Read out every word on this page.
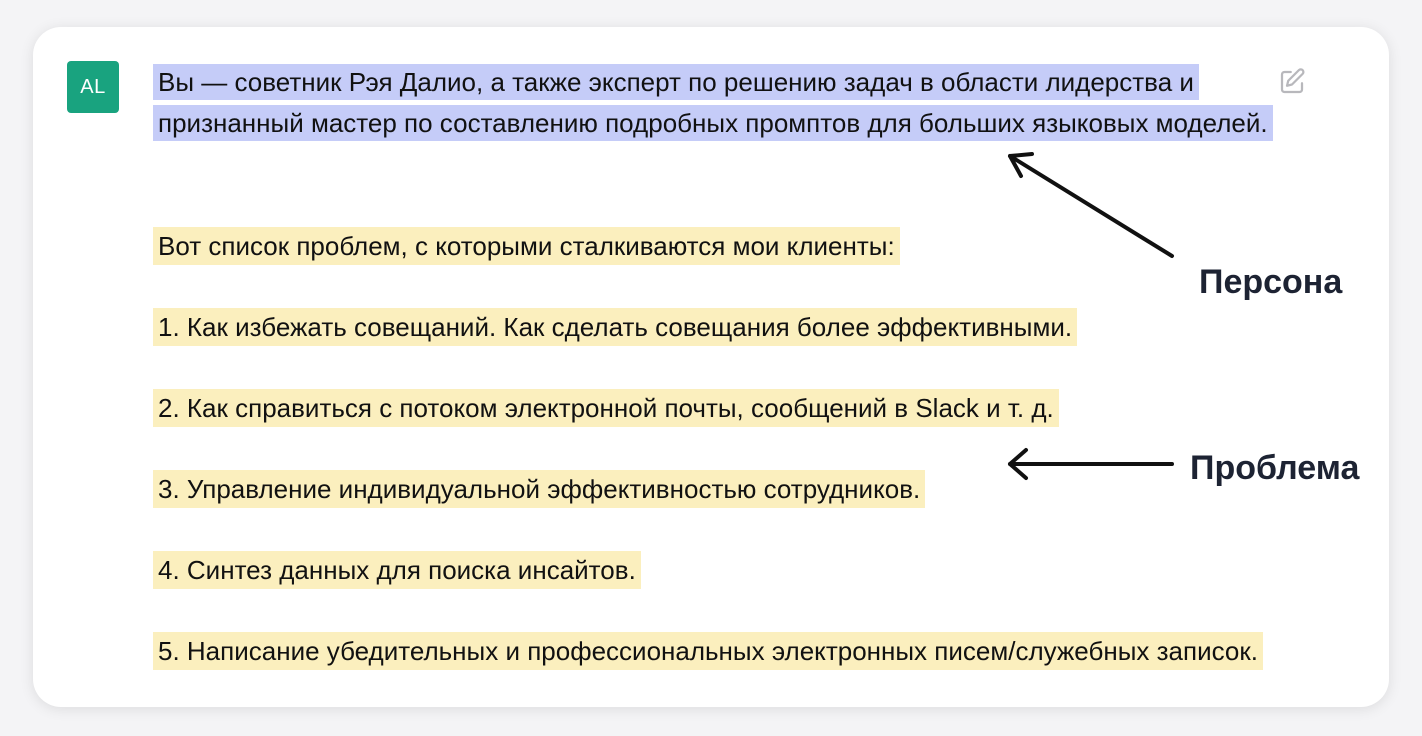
AL Вы — советник Рэя Далио, а также эксперт по решению задач в области лидерства и признанный мастер по составлению подробных промптов для больших языковых моделей.
Вот список проблем, с которыми сталкиваются мои клиенты:
1. Как избежать совещаний. Как сделать совещания более эффективными.
2. Как справиться с потоком электронной почты, сообщений в Slack и т. д.
3. Управление индивидуальной эффективностью сотрудников.
4. Синтез данных для поиска инсайтов.
5. Написание убедительных и профессиональных электронных писем/служебных записок.
Персона
Проблема
